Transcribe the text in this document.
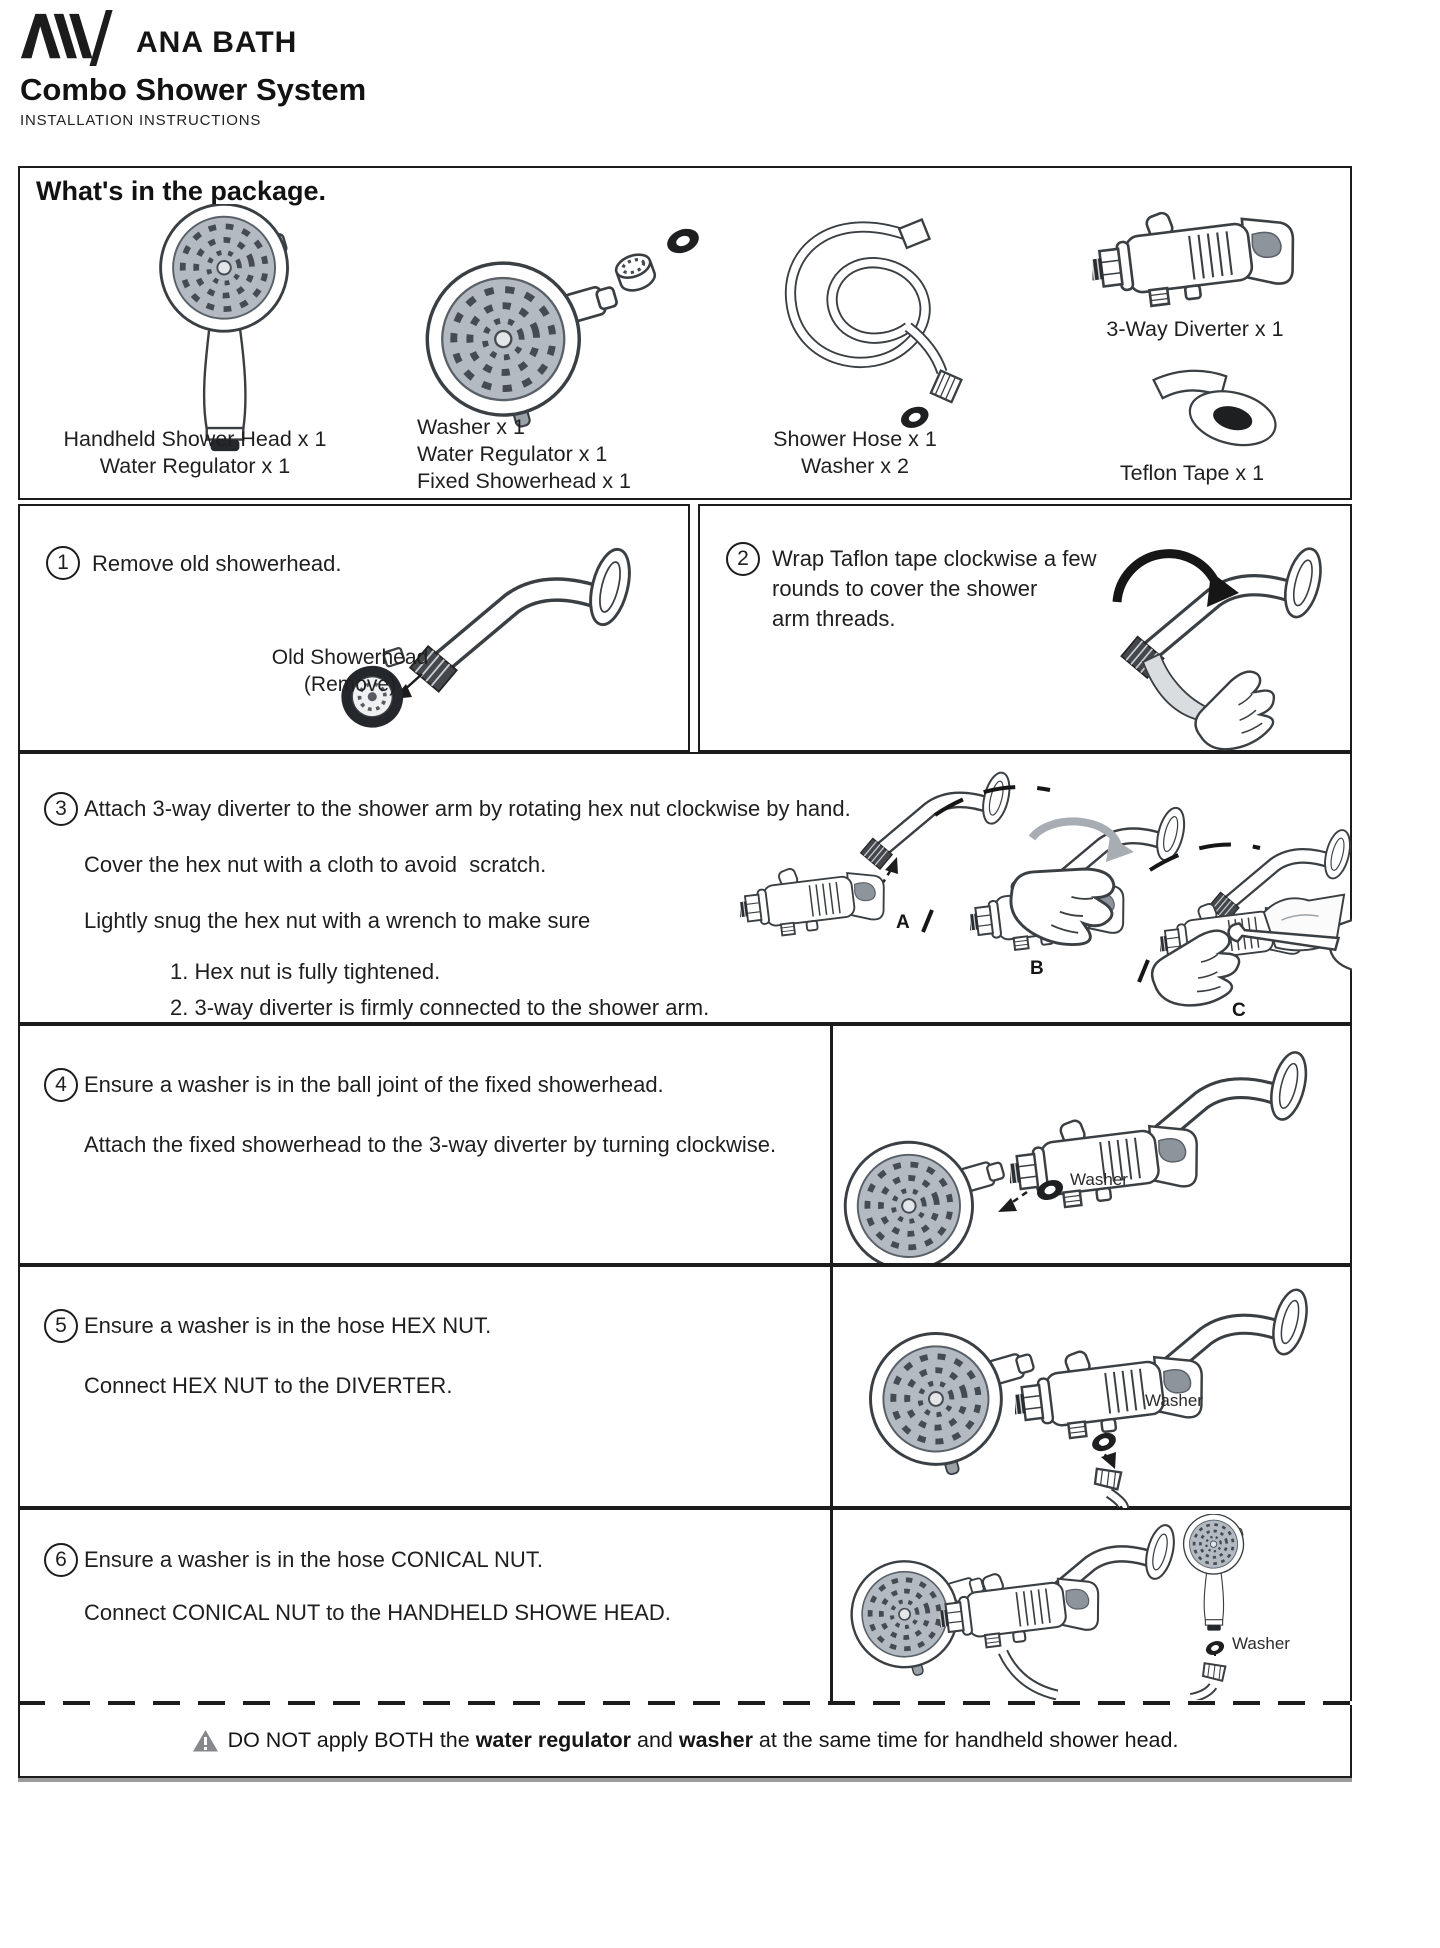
ANA BATH
Combo Shower System
INSTALLATION INSTRUCTIONS
What's in the package.
Handheld Shower Head x 1
Water Regulator x 1
Washer x 1
Water Regulator x 1
Fixed Showerhead x 1
Shower Hose x 1
Washer x 2
3-Way Diverter x 1
Teflon Tape x 1
1	Remove old showerhead.
Old Showerhead
(Remove)
2	Wrap Taflon tape clockwise a few
rounds to cover the shower
arm threads.
3 Attach 3-way diverter to the shower arm by rotating hex nut clockwise by hand.
Cover the hex nut with a cloth to avoid  scratch.
Lightly snug the hex nut with a wrench to make sure
1. Hex nut is fully tightened.
2. 3-way diverter is firmly connected to the shower arm.
A
B
C
4 Ensure a washer is in the ball joint of the fixed showerhead.
Attach the fixed showerhead to the 3-way diverter by turning clockwise.
Washer
5 Ensure a washer is in the hose HEX NUT.
Connect HEX NUT to the DIVERTER.
Washer
6 Ensure a washer is in the hose CONICAL NUT.
Connect CONICAL NUT to the HANDHELD SHOWE HEAD.
Washer
DO NOT apply BOTH the water regulator and washer at the same time for handheld shower head.
